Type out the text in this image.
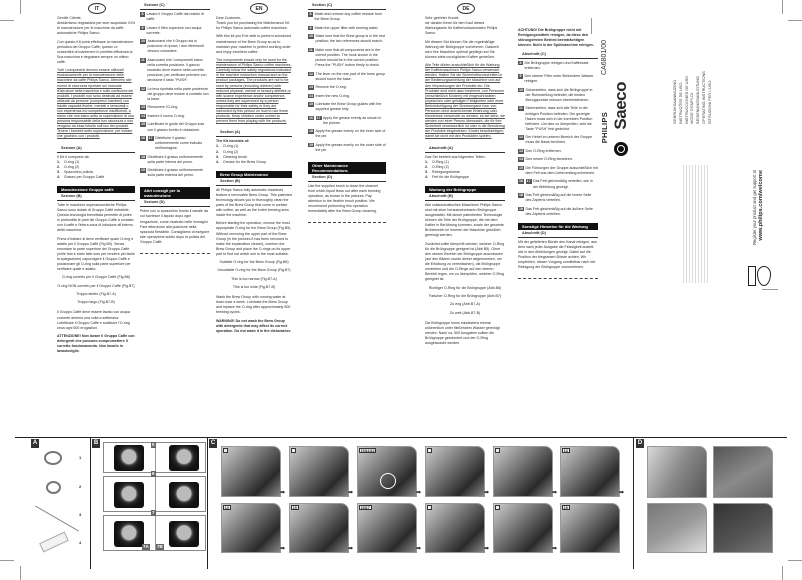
IT

Gentile Cliente,

desideriamo ringraziarla per aver acquistato il Kit di manutenzione per le macchine da caffè automatiche Philips Saeco.

Con questo Kit potrà effettuare la manutenzione periodica del Gruppo Caffè; questo Le consentirà di mantenere in perfetta efficienza la Sua macchina e degustare sempre un ottimo caffè.

Tutti i componenti devono essere utilizzati esclusivamente per la manutenzione delle macchine da caffè Philips Saeco. Attenersi alle norme di sicurezza riportate sul manuale d'istruzioni della macchina e sulle confezioni dei prodotti. I prodotti non sono destinati ad essere utilizzati da persone (compresi i bambini) con ridotte capacità fisiche, mentali o sensoriali o con esperienza e/o competenze insufficienti, a meno che non siano sotto la supervisione di una persona responsabile della loro sicurezza o non vengano da essa istruite sull'uso dei prodotti. Tenere i bambini sotto supervisione, per evitare che giochino con i prodotti.

Sezione (A)
Il Kit è composto da:
1. O-ring (1)
2. O-ring (2)
3. Spazzolino pulizia
4. Grasso per Gruppo Caffè
Manutenzione Gruppo caffè
Sezione (B)

Tutte le macchine superautomatiche Philips Saeco sono dotate di Gruppo Caffè estraibile. Questa tecnologia brevettata permette di pulire in profondità le parti del Gruppo Caffè a contatto con il caffè e l'intera zona di infusione all'interno della macchina.

Prima d'iniziare si deve verificare quale O-ring è adatto per il Gruppo Caffè (Fig.B5). Senza smontare la parte superiore del Gruppo Caffè (nelle foto è stato fatto solo per rendere più facile la spiegazione) capovolgere il Gruppo Caffè e posizionare gli O-ring sulla parte superiore per verificare quale è adatto.

O-ring corretto per il Gruppo Caffè (Fig.B6)

O-ring NON corretto per il Gruppo Caffè (Fig.B7)

Troppo stretto (Fig.B7-A)

Troppo largo (Fig.B7-B)

Il Gruppo Caffè deve essere lavato con acqua corrente almeno una volta a settimana. Lubrificare il Gruppo Caffè e sostituire l'O-ring circa ogni 500 erogazioni.

ATTENZIONE! Non lavare il Gruppo Caffè con detergenti che possono compromettere il corretto funzionamento. Non lavarlo in lavastoviglie.

Sezione (C)
8 Lavare il Gruppo Caffè dai residui di caffè.
9 Lavare il filtro superiore con acqua corrente.
10 Assicurarsi che il Gruppo sia in posizione di riposo; i due riferimenti devono coincidere.
11 Assicurarsi che i componenti siano nella corretta posizione. Il gancio mostrato deve essere nella corretta posizione; per verificare premere con decisione il tasto "PUSH".
12 La leva riportata nella parte posteriore del gruppo deve essere a contatto con la base.
13 Rimuovere l'O-ring.
14 Inserire il nuovo O-ring.
15 Lubrificare le guide del Gruppo solo con il grasso fornito in dotazione.
16 17 Distribuire il grasso uniformemente come indicato nell'immagine.
18 Distribuire il grasso uniformemente sulla parte interna del perno.
19 Distribuire il grasso uniformemente sulla parte esterna del perno.
Altri consigli per la manutenzione
Sezione (D)

Pulire con lo spazzolino fornito il canale da cui fuoriesce il liquido dopo ogni erogazione, come mostrato nelle immagini. Fare attenzione alla posizione della spazzola flessibile. Consigliamo di eseguire tale operazione subito dopo la pulizia del Gruppo Caffè.

EN

Dear Customer,

Thank you for purchasing the Maintenance Kit for Philips Saeco automatic coffee machines.

With this kit you'll be able to perform scheduled maintenance of the Brew Group so as to maintain your machine in perfect working order and enjoy excellent coffee.

The components should only be used for the maintenance of Philips Saeco coffee machines. Carefully follow the safety regulations indicated in the machine instruction manual and on the product packages. The products are not to be used by persons (including children) with reduced physical, mental or sensory abilities or with scarce experience and/or competence, unless they are supervised by a person responsible for their safety or they are instructed by this person on how to use these products. Keep children under control to prevent them from playing with the products.

Section (A)
The Kit consists of:
1. O-ring (1)
2. O-ring (2)
3. Cleaning brush
4. Grease for the Brew Group
Brew Group Maintenance
Section (B)

All Philips Saeco fully automatic machines feature a removable Brew Group. This patented technology allows you to thoroughly clean the parts of the Brew Group that come in contact with coffee, as well as the entire brewing area inside the machine.

Before starting the operation, choose the most appropriate O-ring for the Brew Group (Fig.B5). Without removing the upper part of the Brew Group (in the pictures it has been removed to make the explanation clearer), overturn the Brew Group and place the O-rings on its upper part to find out which one is the most suitable.

Suitable O-ring for the Brew Group (Fig.B6)

Unsuitable O-ring for the Brew Group (Fig.B7)

This is too narrow (Fig.B7-A)

This is too wide (Fig.B7-B)

Wash the Brew Group with running water at least once a week. Lubricate the Brew Group and replace the O-ring after approximately 500 brewing cycles.

WARNING! Do not wash the Brew Group with detergents that may affect its correct operation. Do not wash it in the dishwasher.

Section (C)
8 Wash and remove any coffee residue from the Brew Group.
9 Wash the upper filter with running water.
10 Make sure that the Brew group is in the rest position; the two references should match.
11 Make sure that all components are in the correct position. The hook shown in the picture should be in the correct position. Press the "PUSH" button firmly to check.
12 The lever on the rear part of the brew group should touch the base.
13 Remove the O-ring.
14 Insert the new O-ring.
15 Lubricate the Brew Group guides with the supplied grease only.
16 17 Apply the grease evenly as shown in the picture.
18 Apply the grease evenly on the inner side of the pin.
19 Apply the grease evenly on the outer side of the pin.
Other Maintenance Recommendations
Section (D)

Use the supplied brush to clean the channel from which liquid flows out after each brewing operation, as shown in the pictures. Pay attention to the flexible brush position. We recommend performing this operation immediately after the Brew Group cleaning.

DE

Sehr geehrter Kunde,

wir danken Ihnen für den Kauf dieses Wartungssets für Kaffeevollautomaten Philips Saeco.

Mit diesem Set können Sie die regelmäßige Wartung der Brühgruppe vornehmen. Dadurch wird Ihre Maschine optimal gepflegt und Sie können stets vorzüglichen Kaffee genießen.

Alle Teile dürfen ausschließlich für die Wartung der Kaffeemaschinen Philips Saeco verwendet werden. Halten Sie die Sicherheitsvorschriften in der Bedienungsanleitung der Maschine und auf den Verpackungen der Produkte ein. Die Produkte sind nicht dazu bestimmt, von Personen (einschließlich Kindern) mit eingeschränkten physischen oder geistigen Fähigkeiten oder einer Beeinträchtigung der Sinnesorgane bzw. von Personen ohne ausreichende Erfahrung oder Kenntnisse verwendet zu werden, es sei denn, sie werden von einer Person überwacht, die für ihre Sicherheit verantwortlich ist oder in die Benutzung der Produkte eingewiesen. Kinder beaufsichtigen, damit sie nicht mit den Produkten spielen.

Abschnitt (A)
Das Set besteht aus folgenden Teilen:
1. O-Ring (1)
2. O-Ring (2)
3. Reinigungsbürste
4. Fett für die Brühgruppe
Wartung der Brühgruppe
Abschnitt (B)

Alle vollautomatischen Maschinen Philips Saeco sind mit einer herausnehmbaren Brühgruppe ausgestattet. Mit dieser patentierten Technologie können die Teile der Brühgruppe, die mit dem Kaffee in Berührung kommen, sowie der gesamte Brühbereich im Inneren der Maschine gründlich gereinigt werden.

Zunächst sollte überprüft werden, welcher O-Ring für die Brühgruppe geeignet ist (Abb.B5). Ohne den oberen Bereich der Brühgruppe auszubauen (auf den Bildern wurde dieser abgenommen, um die Erklärung zu vereinfachen), die Brühgruppe umdrehen und die O-Ringe auf den oberen Bereich legen, um zu überprüfen, welcher O-Ring geeignet ist.

Richtiger O-Ring für die Brühgruppe (Abb.B6)

Falscher O-Ring für die Brühgruppe (Abb.B7)

Zu eng (Abb.B7-A)

Zu weit (Abb.B7-B)

Die Brühgruppe muss mindestens einmal wöchentlich unter fließendem Wasser gereinigt werden. Nach ca. 500 Ausgaben sollten die Brühgruppe geschmiert und der O-Ring ausgetauscht werden.

ACHTUNG! Die Brühgruppe nicht mit Reinigungsmitteln reinigen, da diese den störungsfreien Betrieb beeinträchtigen können. Nicht in der Spülmaschine reinigen.

Abschnitt (C)
8 Die Brühgruppe reinigen und Kaffeesatz entfernen.
9 Den oberen Filter unter fließendem Wasser reinigen.
10 Sicherstellen, dass sich die Brühgruppe in der Ruhestellung befindet; die beiden Bezugspunkte müssen übereinstimmen.
11 Sicherstellen, dass sich alle Teile in der richtigen Position befinden. Der gezeigte Haken muss sich in der korrekten Position befinden. Um dies zu überprüfen, wird die Taste "PUSH" fest gedrückt.
12 Der Hebel im unteren Bereich der Gruppe muss die Basis berühren.
13 Den O-Ring entfernen.
14 Den neuen O-Ring einsetzen.
15 Die Führungen der Gruppe ausschließlich mit dem Fett aus dem Lieferumfang schmieren.
16 17 Das Fett gleichmäßig verteilen, wie in der Abbildung gezeigt.
18 Das Fett gleichmäßig auf die innere Seite des Zapfens verteilen.
19 Das Fett gleichmäßig auf die äußere Seite des Zapfens verteilen.
Sonstige Hinweise für die Wartung
Abschnitt (D)

Mit der gelieferten Bürste den Kanal reinigen, aus dem nach jeder Ausgabe die Flüssigkeit austritt, wie in den Abbildungen gezeigt. Dabei auf die Position der biegsamen Bürste achten. Wir empfehlen, diesen Vorgang unmittelbar nach der Reinigung der Brühgruppe vorzunehmen.

CA6801/00
PHILIPS Saeco	ISTRUZIONI PER L'USO
OPERATING INSTRUCTIONS
BEDIENUNGSANLEITUNG
MODE D'EMPLOI
INSTRUCCIONES DE USO
INSTRUÇÕES DE USO
GEBRUIKSAANWIJZING
Register your product and get support at www.philips.com/welcome
A	B	C	D
1
2
3
4
5
6
7
7A 7B
10|11|12	13
14	15	16|17	19
➡	➡	➡	➡	➡	➡
➡	➡	➡	➡	➡
